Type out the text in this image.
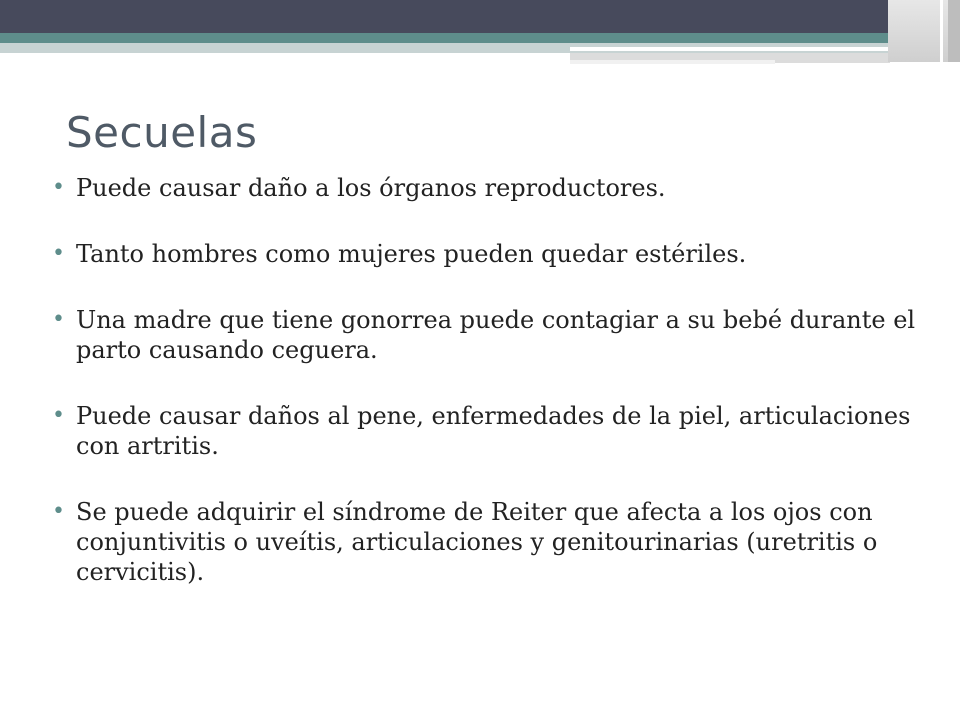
Secuelas
• Puede causar daño a los órganos reproductores.
• Tanto hombres como mujeres pueden quedar estériles.
• Una madre que tiene gonorrea puede contagiar a su bebé durante el parto causando ceguera.
• Puede causar daños al pene, enfermedades de la piel, articulaciones con artritis.
• Se puede adquirir el síndrome de Reiter que afecta a los ojos con conjuntivitis o uveítis, articulaciones y genitourinarias (uretritis o cervicitis).
